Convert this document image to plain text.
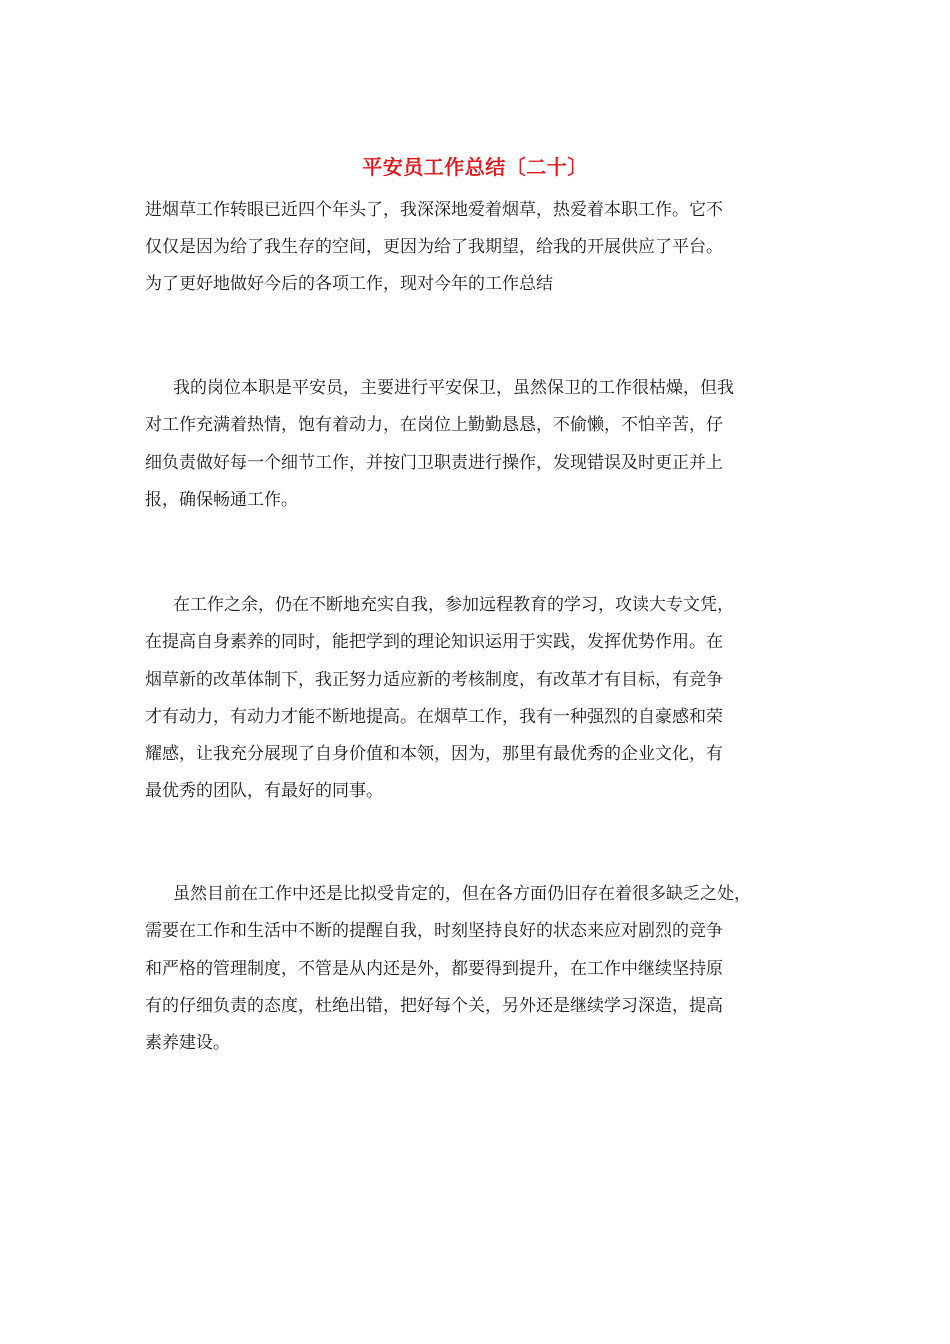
平安员工作总结〔二十〕
进烟草工作转眼已近四个年头了，我深深地爱着烟草，热爱着本职工作。它不
仅仅是因为给了我生存的空间，更因为给了我期望，给我的开展供应了平台。
为了更好地做好今后的各项工作，现对今年的工作总结
我的岗位本职是平安员，主要进行平安保卫，虽然保卫的工作很枯燥，但我
对工作充满着热情，饱有着动力，在岗位上勤勤恳恳，不偷懒，不怕辛苦，仔
细负责做好每一个细节工作，并按门卫职责进行操作，发现错误及时更正并上
报，确保畅通工作。
在工作之余，仍在不断地充实自我，参加远程教育的学习，攻读大专文凭，
在提高自身素养的同时，能把学到的理论知识运用于实践，发挥优势作用。在
烟草新的改革体制下，我正努力适应新的考核制度，有改革才有目标，有竞争
才有动力，有动力才能不断地提高。在烟草工作，我有一种强烈的自豪感和荣
耀感，让我充分展现了自身价值和本领，因为，那里有最优秀的企业文化，有
最优秀的团队，有最好的同事。
虽然目前在工作中还是比拟受肯定的，但在各方面仍旧存在着很多缺乏之处，
需要在工作和生活中不断的提醒自我，时刻坚持良好的状态来应对剧烈的竞争
和严格的管理制度，不管是从内还是外，都要得到提升，在工作中继续坚持原
有的仔细负责的态度，杜绝出错，把好每个关，另外还是继续学习深造，提高
素养建设。
